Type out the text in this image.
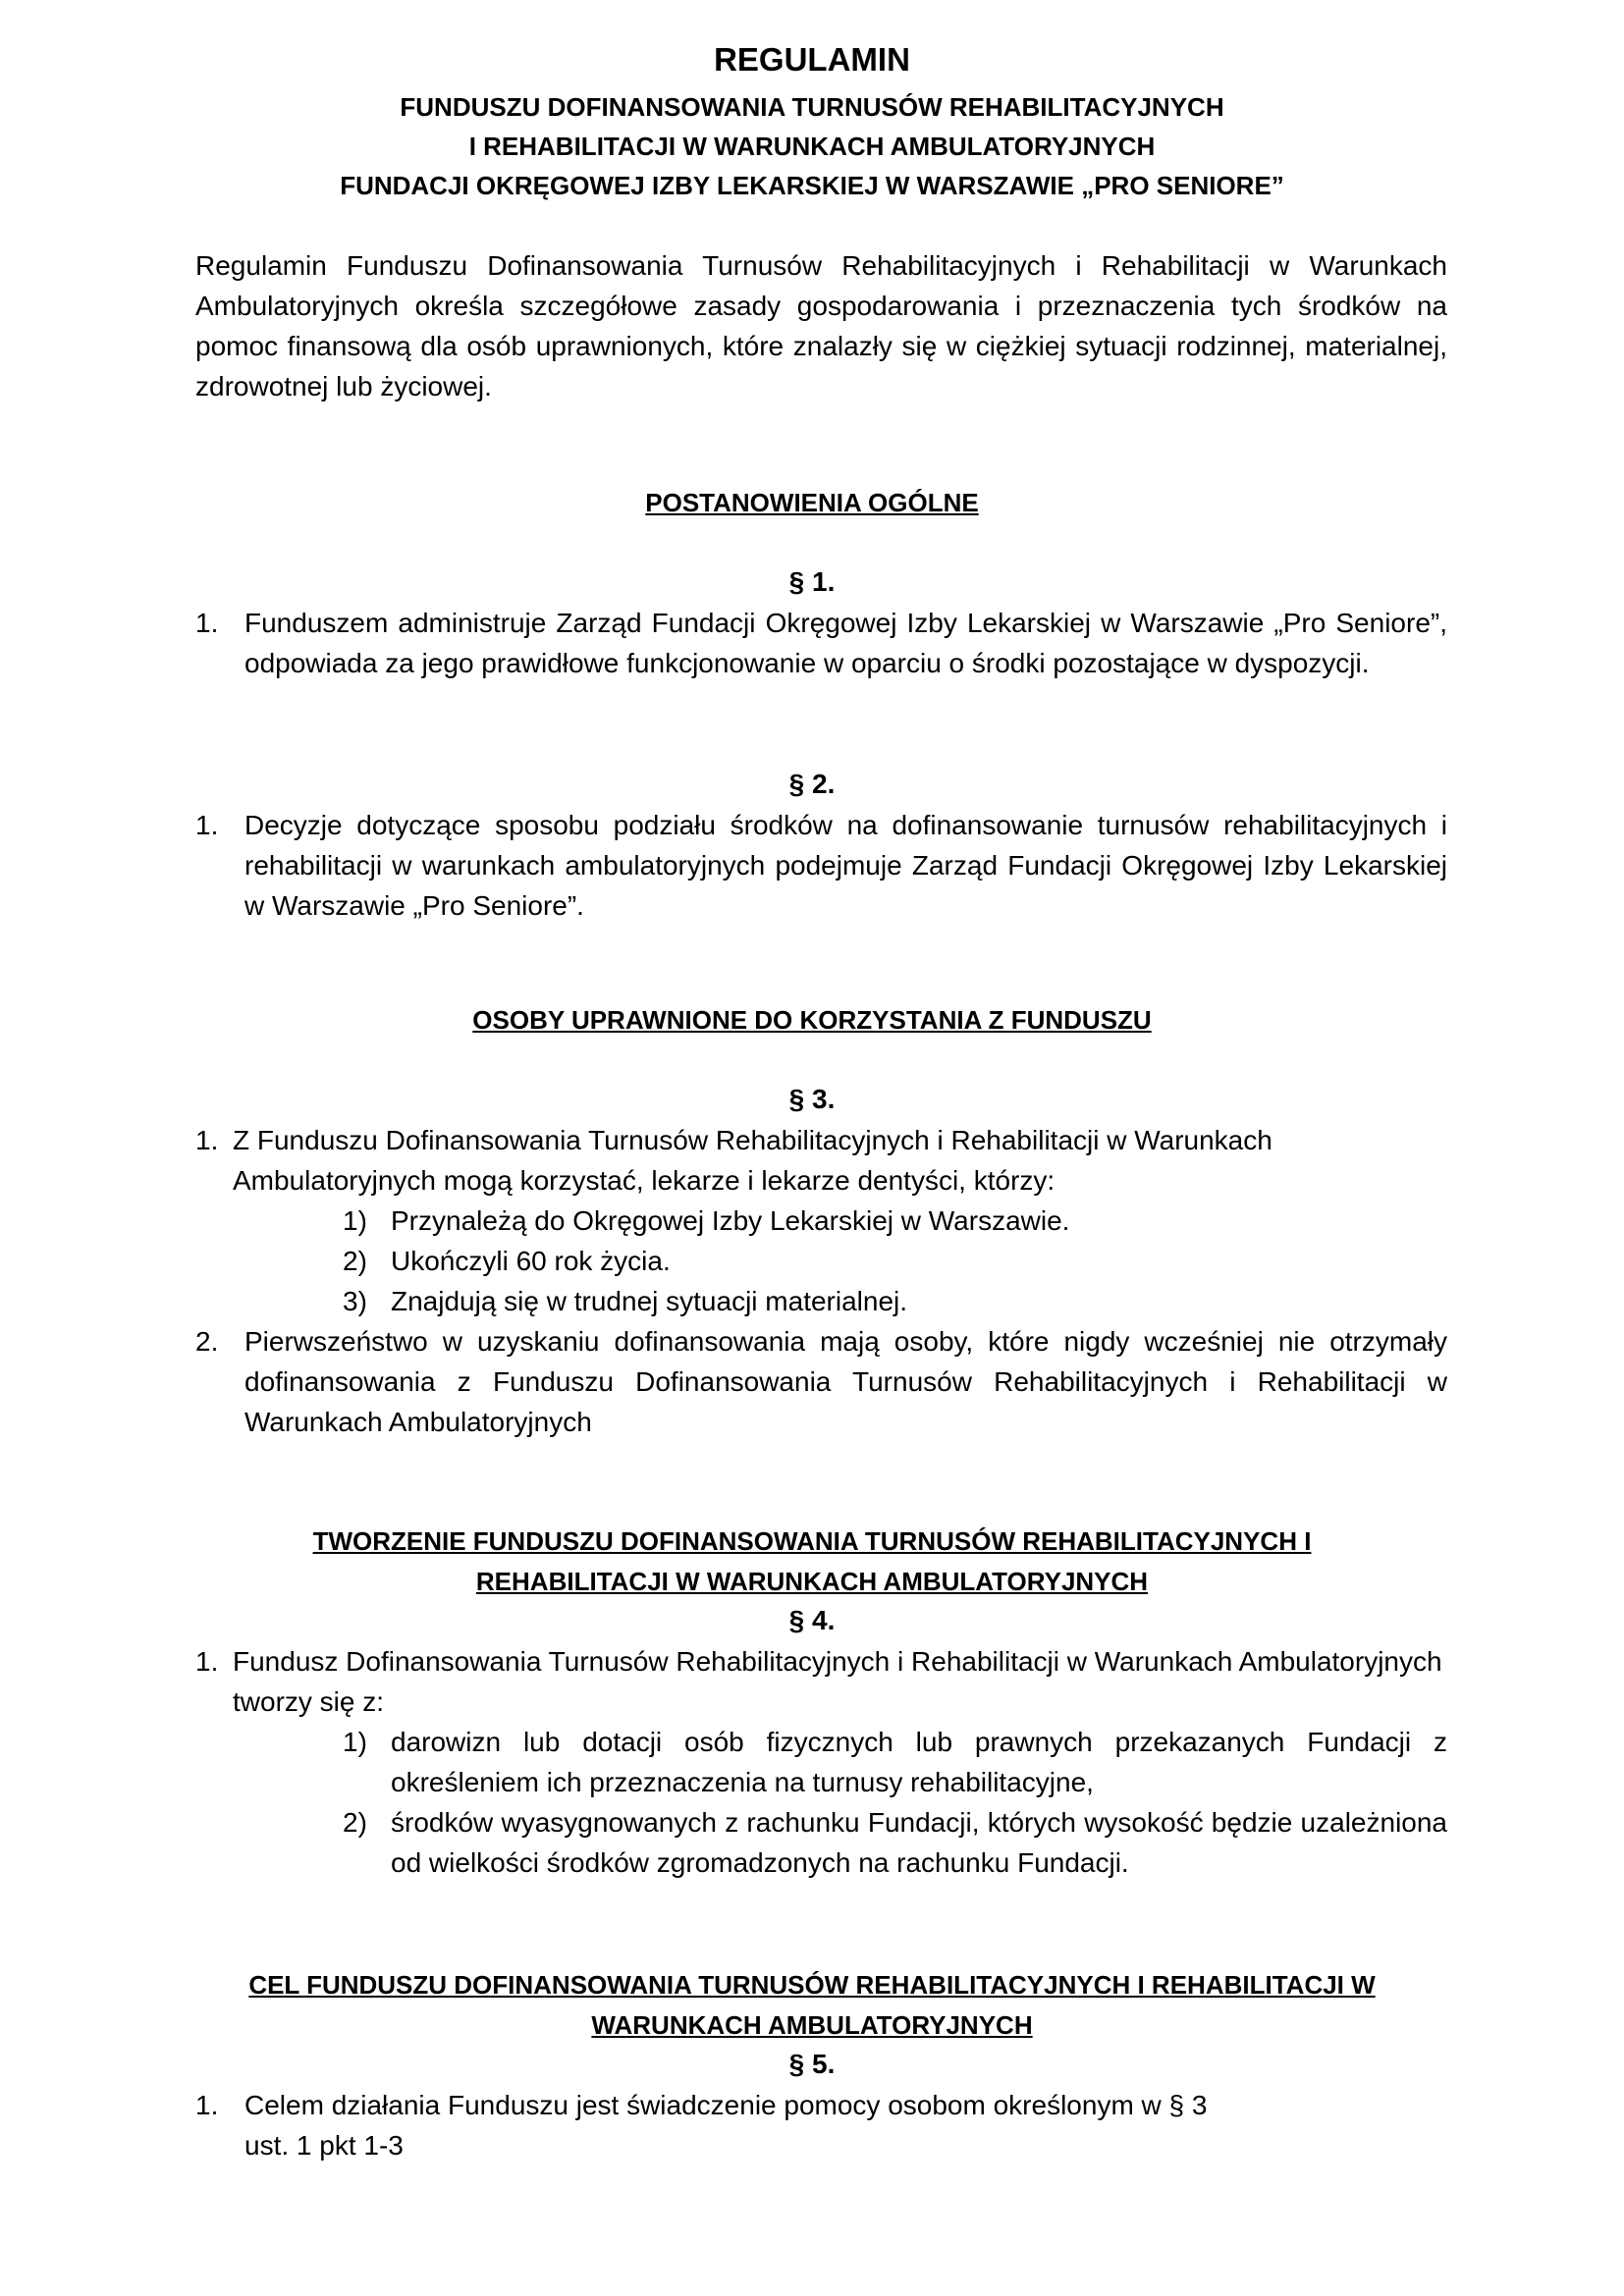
REGULAMIN
FUNDUSZU DOFINANSOWANIA TURNUSÓW REHABILITACYJNYCH
I REHABILITACJI W WARUNKACH AMBULATORYJNYCH
FUNDACJI OKRĘGOWEJ IZBY LEKARSKIEJ W WARSZAWIE „PRO SENIORE”

Regulamin Funduszu Dofinansowania Turnusów Rehabilitacyjnych i Rehabilitacji w Warunkach Ambulatoryjnych określa szczegółowe zasady gospodarowania i przeznaczenia tych środków na pomoc finansową dla osób uprawnionych, które znalazły się w ciężkiej sytuacji rodzinnej, materialnej, zdrowotnej lub życiowej.

POSTANOWIENIA OGÓLNE
§ 1.
1. Funduszem administruje Zarząd Fundacji Okręgowej Izby Lekarskiej w Warszawie „Pro Seniore”, odpowiada za jego prawidłowe funkcjonowanie w oparciu o środki pozostające w dyspozycji.
§ 2.
1. Decyzje dotyczące sposobu podziału środków na dofinansowanie turnusów rehabilitacyjnych i rehabilitacji w warunkach ambulatoryjnych podejmuje Zarząd Fundacji Okręgowej Izby Lekarskiej w Warszawie „Pro Seniore”.
OSOBY UPRAWNIONE DO KORZYSTANIA Z FUNDUSZU
§ 3.
1. Z Funduszu Dofinansowania Turnusów Rehabilitacyjnych i Rehabilitacji w Warunkach Ambulatoryjnych mogą korzystać, lekarze i lekarze dentyści, którzy:
1) Przynależą do Okręgowej Izby Lekarskiej w Warszawie.
2) Ukończyli 60 rok życia.
3) Znajdują się w trudnej sytuacji materialnej.
2. Pierwszeństwo w uzyskaniu dofinansowania mają osoby, które nigdy wcześniej nie otrzymały dofinansowania z Funduszu Dofinansowania Turnusów Rehabilitacyjnych i Rehabilitacji w Warunkach Ambulatoryjnych
TWORZENIE FUNDUSZU DOFINANSOWANIA TURNUSÓW REHABILITACYJNYCH I
REHABILITACJI W WARUNKACH AMBULATORYJNYCH
§ 4.
1. Fundusz Dofinansowania Turnusów Rehabilitacyjnych i Rehabilitacji w Warunkach Ambulatoryjnych tworzy się z:
1) darowizn lub dotacji osób fizycznych lub prawnych przekazanych Fundacji z określeniem ich przeznaczenia na turnusy rehabilitacyjne,
2) środków wyasygnowanych z rachunku Fundacji, których wysokość będzie uzależniona od wielkości środków zgromadzonych na rachunku Fundacji.
CEL FUNDUSZU DOFINANSOWANIA TURNUSÓW REHABILITACYJNYCH I REHABILITACJI W
WARUNKACH AMBULATORYJNYCH
§ 5.
1. Celem działania Funduszu jest świadczenie pomocy osobom określonym w § 3 ust. 1 pkt 1-3
